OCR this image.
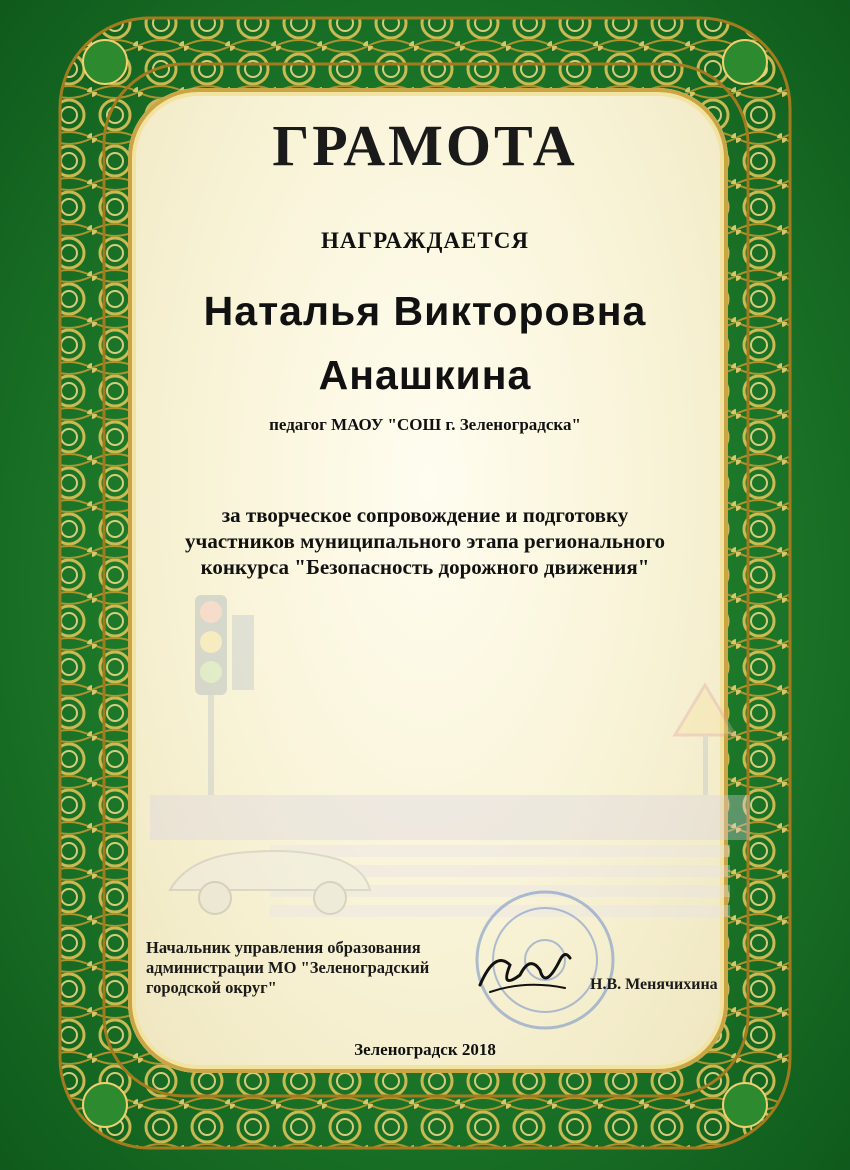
ГРАМОТА
НАГРАЖДАЕТСЯ
Наталья Викторовна
Анашкина
педагог МАОУ "СОШ г. Зеленоградска"
за творческое сопровождение и подготовку
участников муниципального этапа регионального
конкурса "Безопасность дорожного движения"
Начальник управления образования
администрации МО "Зеленоградский
городской округ"	Н.В. Менячихина
Зеленоградск 2018
